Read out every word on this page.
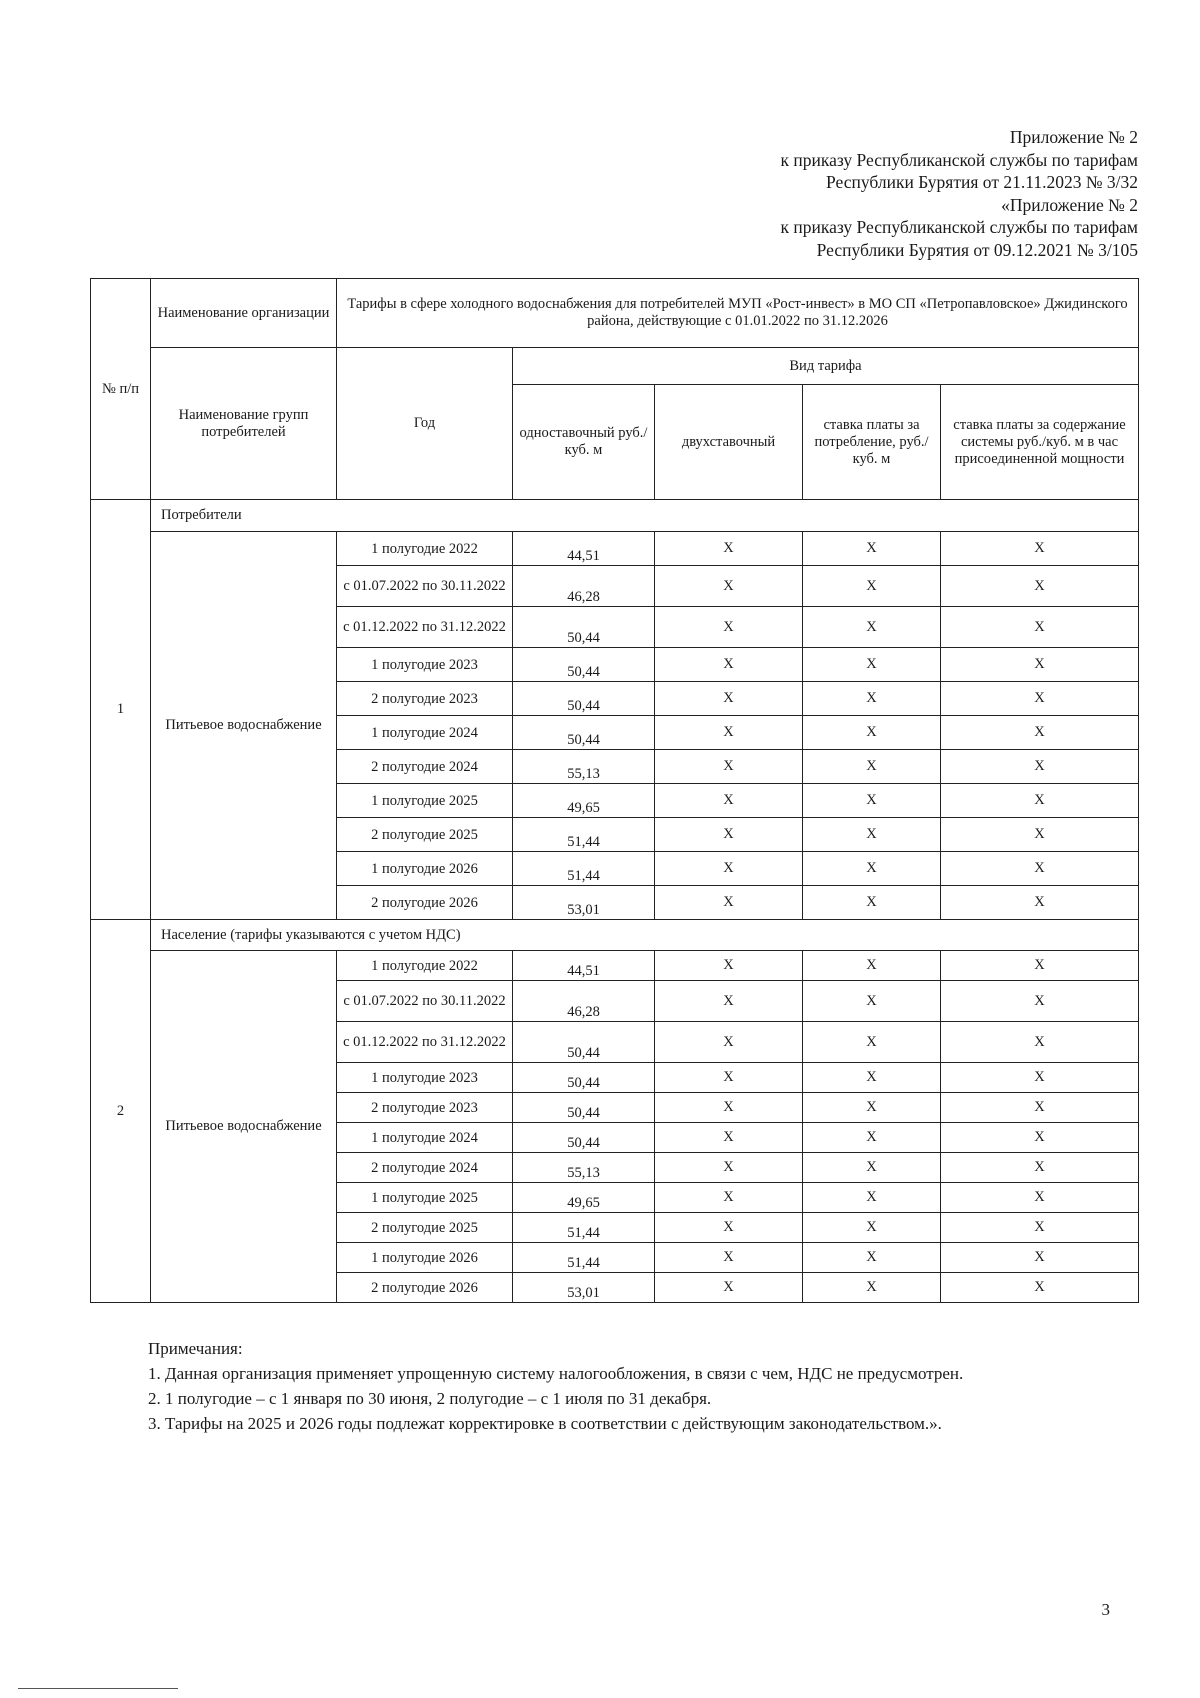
Приложение № 2
к приказу Республиканской службы по тарифам
Республики Бурятия от 21.11.2023 № 3/32
«Приложение № 2
к приказу Республиканской службы по тарифам
Республики Бурятия от 09.12.2021 № 3/105
№ п/п	Наименование организации	Тарифы в сфере холодного водоснабжения для потребителей МУП «Рост-инвест» в МО СП «Петропавловское» Джидинского района, действующие с 01.01.2022 по 31.12.2026				
	Наименование групп потребителей	Год	Вид тарифа			
			одноставочный руб./ куб. м	двухставочный	ставка платы за потребление, руб./ куб. м	ставка платы за содержание системы руб./куб. м в час присоединенной мощности
1	Потребители					
	Питьевое водоснабжение	1 полугодие 2022	44,51	X	X	X
		с 01.07.2022 по 30.11.2022	46,28	X	X	X
		с 01.12.2022 по 31.12.2022	50,44	X	X	X
		1 полугодие 2023	50,44	X	X	X
		2 полугодие 2023	50,44	X	X	X
		1 полугодие 2024	50,44	X	X	X
		2 полугодие 2024	55,13	X	X	X
		1 полугодие 2025	49,65	X	X	X
		2 полугодие 2025	51,44	X	X	X
		1 полугодие 2026	51,44	X	X	X
		2 полугодие 2026	53,01	X	X	X
2	Население (тарифы указываются с учетом НДС)					
	Питьевое водоснабжение	1 полугодие 2022	44,51	X	X	X
		с 01.07.2022 по 30.11.2022	46,28	X	X	X
		с 01.12.2022 по 31.12.2022	50,44	X	X	X
		1 полугодие 2023	50,44	X	X	X
		2 полугодие 2023	50,44	X	X	X
		1 полугодие 2024	50,44	X	X	X
		2 полугодие 2024	55,13	X	X	X
		1 полугодие 2025	49,65	X	X	X
		2 полугодие 2025	51,44	X	X	X
		1 полугодие 2026	51,44	X	X	X
		2 полугодие 2026	53,01	X	X	X

Примечания:

1. Данная организация применяет упрощенную систему налогообложения, в связи с чем, НДС не предусмотрен.

2. 1 полугодие – с 1 января по 30 июня, 2 полугодие – с 1 июля по 31 декабря.

3. Тарифы на 2025 и 2026 годы подлежат корректировке в соответствии с действующим законодательством.».

3
